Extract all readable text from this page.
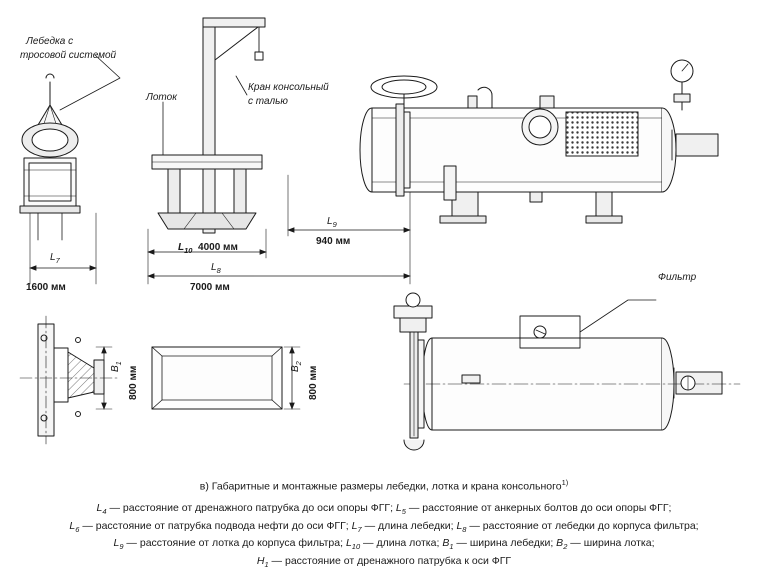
Лебедка с
тросовой системой
Лоток
Кран консольный
с талью
Фильтр
$L_7$
1600 мм
$L_{10}$ 4000 мм
$L_9$
940 мм
$L_8$
7000 мм
$B_1$
800 мм	$B_2$
800 мм
в) Габаритные и монтажные размеры лебедки, лотка и крана консольного$^{1)}$
$L_4$ — расстояние от дренажного патрубка до оси опоры ФГГ; $L_5$ — расстояние от анкерных болтов до оси опоры ФГГ;
$L_6$ — расстояние от патрубка подвода нефти до оси ФГГ; $L_7$ — длина лебедки; $L_8$ — расстояние от лебедки до корпуса фильтра;
$L_9$ — расстояние от лотка до корпуса фильтра; $L_{10}$ — длина лотка; $B_1$ — ширина лебедки; $B_2$ — ширина лотка;
$H_1$ — расстояние от дренажного патрубка к оси ФГГ
